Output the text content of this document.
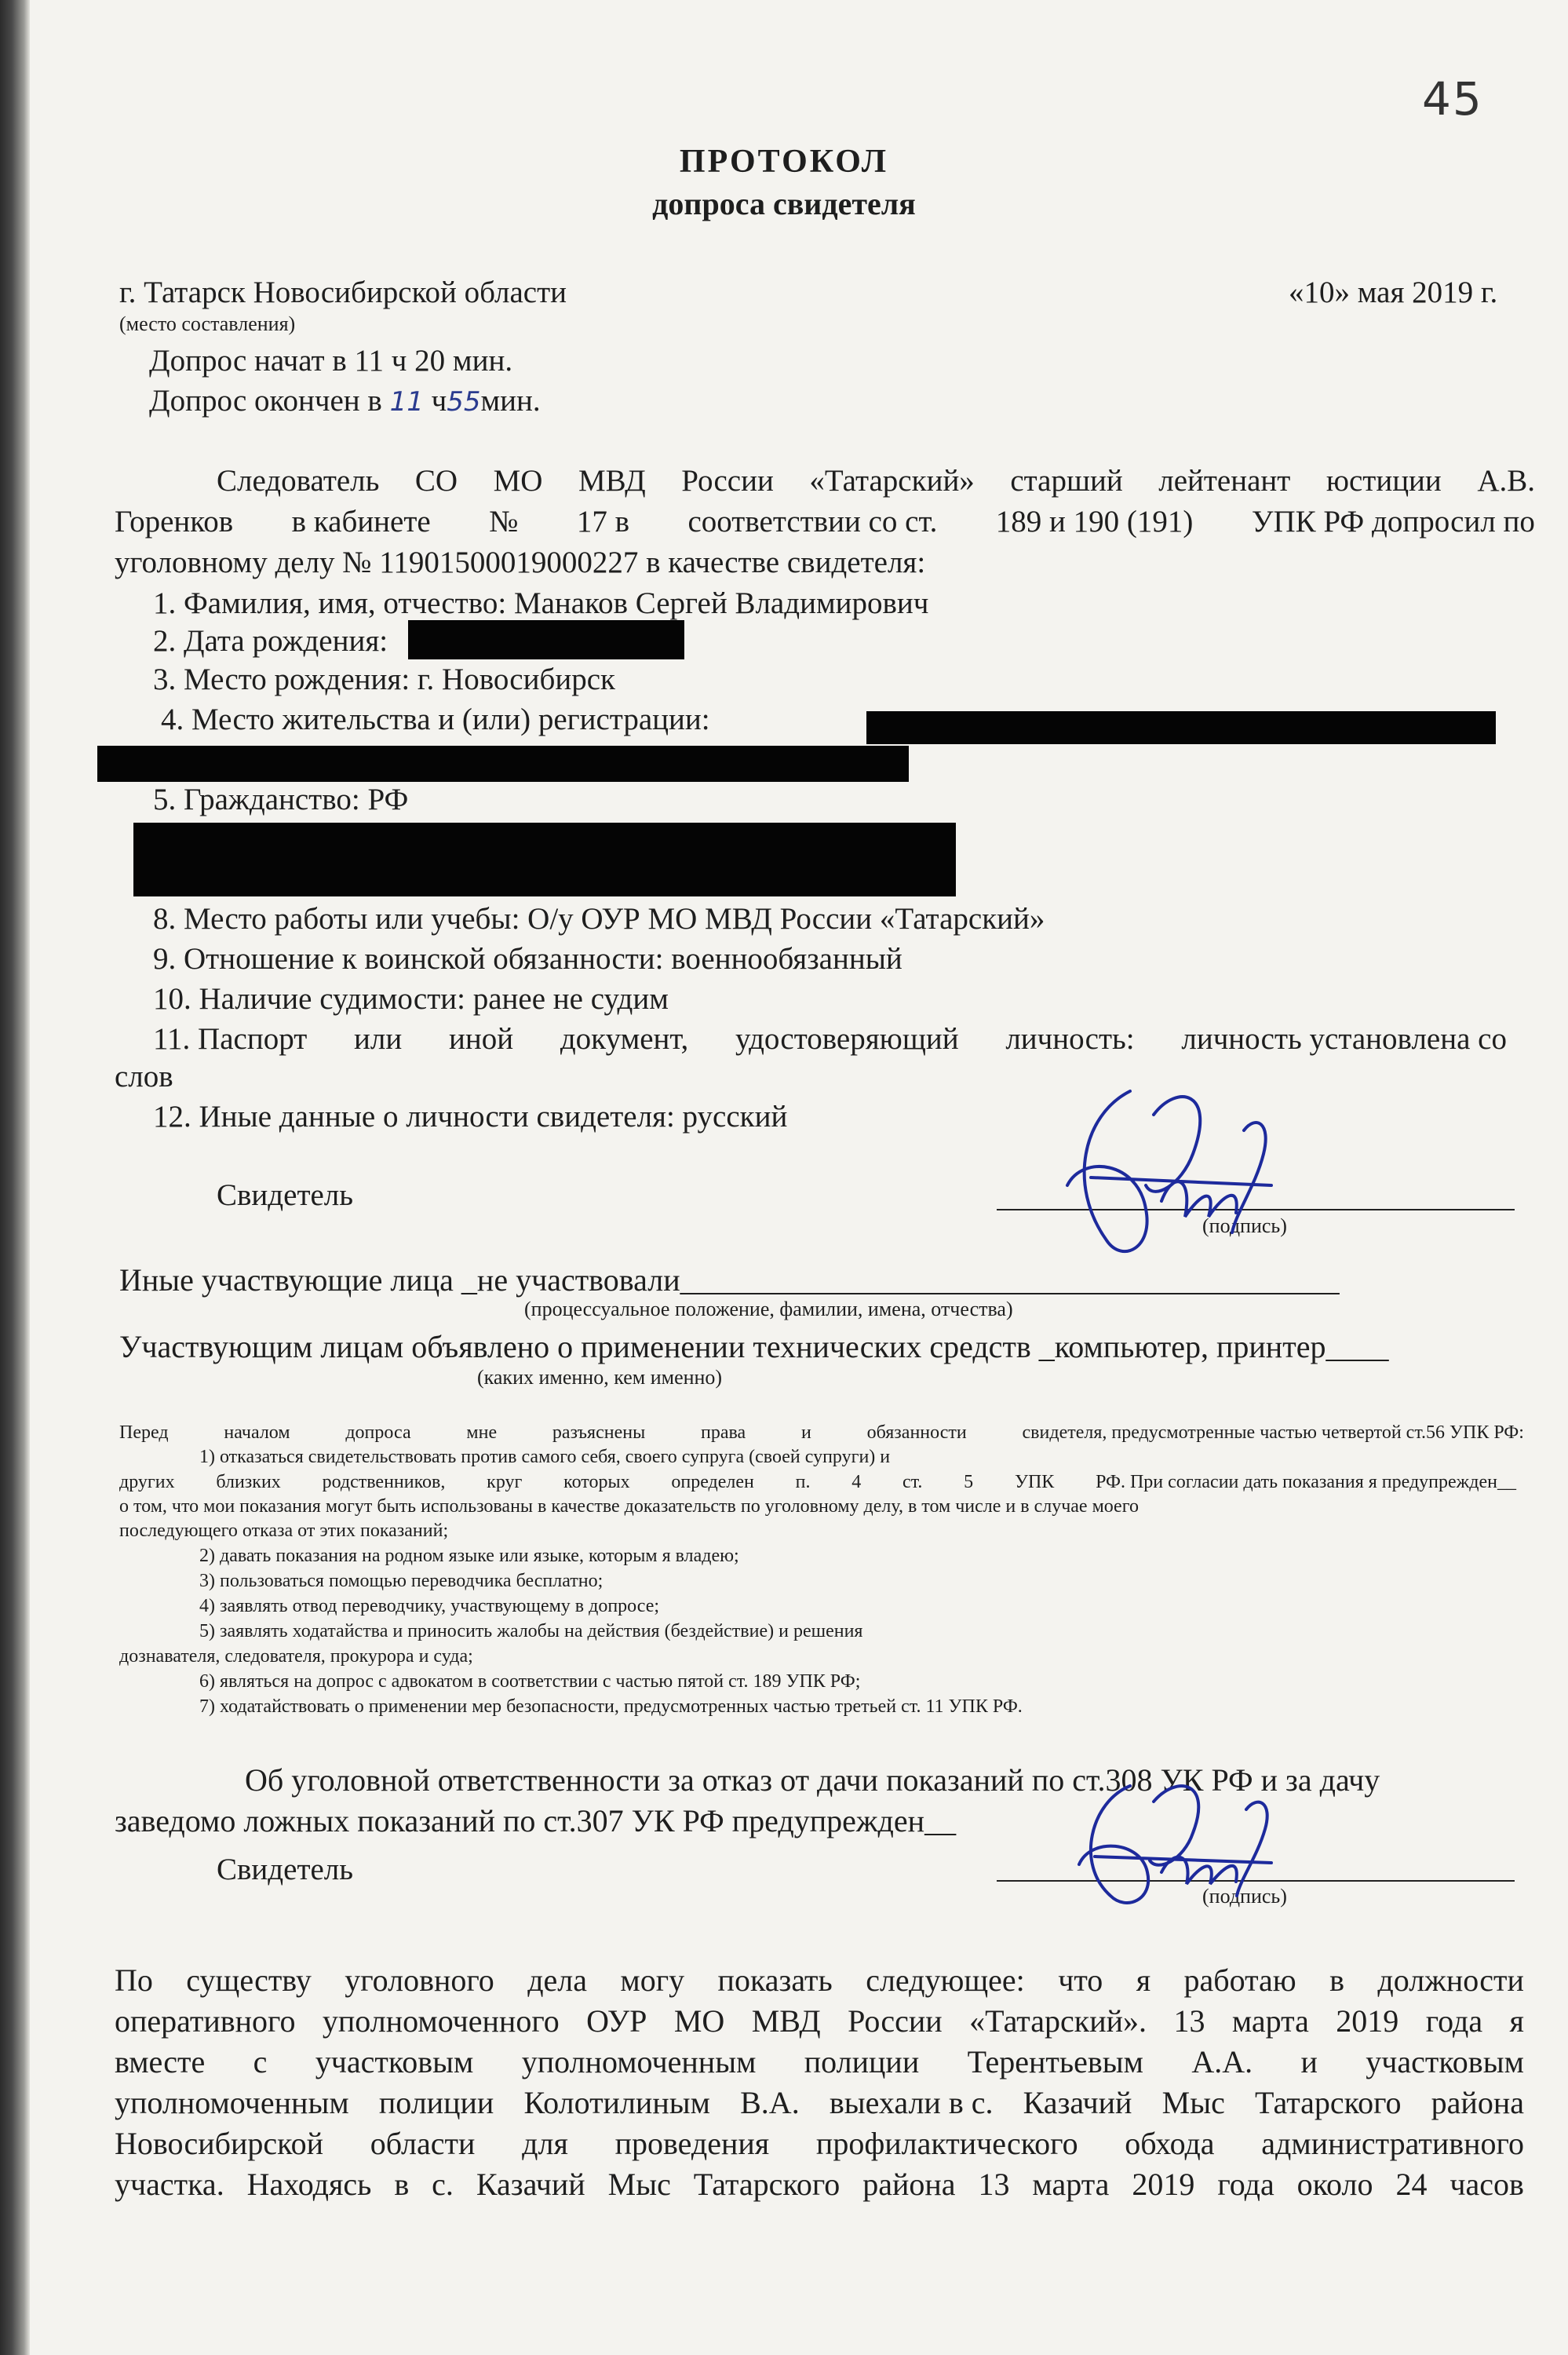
45
ПРОТОКОЛ
допроса свидетеля
г. Татарск Новосибирской области	«10» мая 2019 г.
(место составления)
Допрос начат в 11 ч 20 мин.
Допрос окончен в 11 ч55мин.
Следователь СО МО МВД России «Татарский» старший лейтенант юстиции А.В.
Горенков в кабинете № 17 в соответствии со ст. 189 и 190 (191) УПК РФ допросил по
уголовному делу № 11901500019000227 в качестве свидетеля:
1. Фамилия, имя, отчество: Манаков Сергей Владимирович
2. Дата рождения:
3. Место рождения: г. Новосибирск
4. Место жительства и (или) регистрации:
5. Гражданство: РФ
8. Место работы или учебы: О/у ОУР МО МВД России «Татарский»
9. Отношение к воинской обязанности: военнообязанный
10. Наличие судимости: ранее не судим
11. Паспорт или иной документ, удостоверяющий личность: личность установлена со
слов
12. Иные данные о личности свидетеля: русский
Свидетель
(подпись)
Иные участвующие лица _не участвовали__________________________________________
(процессуальное положение, фамилии, имена, отчества)
Участвующим лицам объявлено о применении технических средств _компьютер, принтер____
(каких именно, кем именно)
Перед	началом	допроса	мне	разъяснены	права	и	обязанности	свидетеля, предусмотренные частью четвертой ст.56 УПК РФ:
1) отказаться свидетельствовать против самого себя, своего супруга (своей супруги) и
других близких родственников, круг которых определен п. 4 ст. 5 УПК РФ. При согласии дать показания я предупрежден__
о том, что мои показания могут быть использованы в качестве доказательств по уголовному делу, в том числе и в случае моего
последующего отказа от этих показаний;
2) давать показания на родном языке или языке, которым я владею;
3) пользоваться помощью переводчика бесплатно;
4) заявлять отвод переводчику, участвующему в допросе;
5) заявлять ходатайства и приносить жалобы на действия (бездействие) и решения
дознавателя, следователя, прокурора и суда;
6) являться на допрос с адвокатом в соответствии с частью пятой ст. 189 УПК РФ;
7) ходатайствовать о применении мер безопасности, предусмотренных частью третьей ст. 11 УПК РФ.
Об уголовной ответственности за отказ от дачи показаний по ст.308 УК РФ и за дачу
заведомо ложных показаний по ст.307 УК РФ предупрежден__
Свидетель
(подпись)
По существу уголовного дела могу показать следующее: что я работаю в должности
оперативного уполномоченного ОУР МО МВД России «Татарский». 13 марта 2019 года я
вместе с участковым уполномоченным полиции Терентьевым А.А. и участковым
уполномоченным полиции Колотилиным В.А. выехали в с. Казачий Мыс Татарского района
Новосибирской области для проведения профилактического обхода административного
участка. Находясь в с. Казачий Мыс Татарского района 13 марта 2019 года около 24 часов
